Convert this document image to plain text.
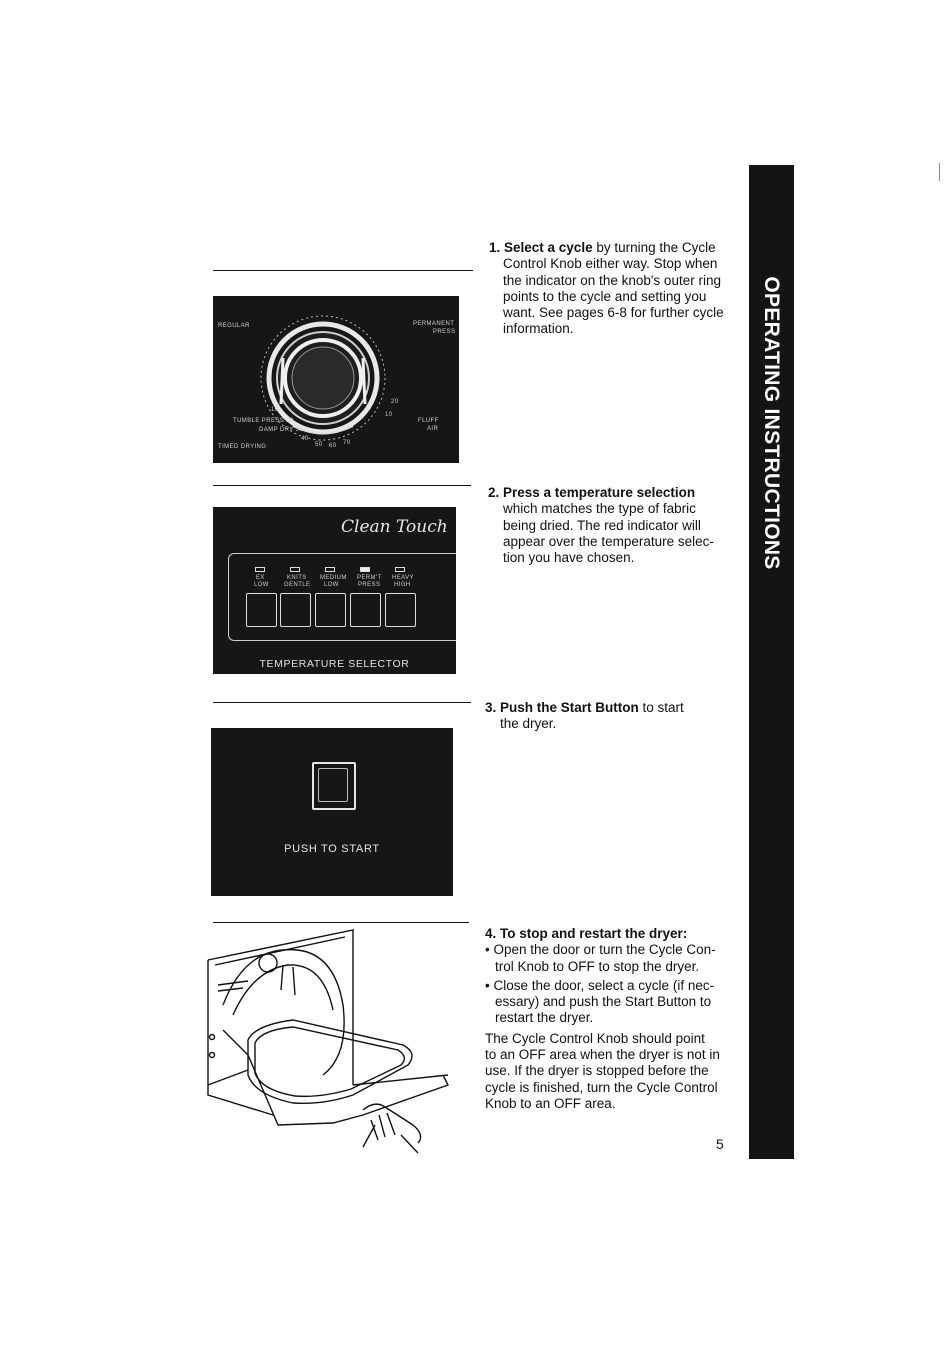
REGULAR	PERMANENT
PRESS
20
10
FLUFF
AIR
10
TUMBLE PRESS 20
DAMP DRY 30
40
50 60 70
TIMED DRYING
Clean Touch
EX
LOW
KNITS
GENTLE
MEDIUM
LOW
PERM'T
PRESS
HEAVY
HIGH
TEMPERATURE SELECTOR
PUSH TO START
1. Select a cycle by turning the Cycle
Control Knob either way. Stop when
the indicator on the knob's outer ring
points to the cycle and setting you
want. See pages 6-8 for further cycle
information.
2. Press a temperature selection
which matches the type of fabric
being dried. The red indicator will
appear over the temperature selec-
tion you have chosen.
3. Push the Start Button to start
the dryer.
4. To stop and restart the dryer:
• Open the door or turn the Cycle Con-
trol Knob to OFF to stop the dryer.
• Close the door, select a cycle (if nec-
essary) and push the Start Button to
restart the dryer.
The Cycle Control Knob should point
to an OFF area when the dryer is not in
use. If the dryer is stopped before the
cycle is finished, turn the Cycle Control
Knob to an OFF area.
5
OPERATING INSTRUCTIONS
